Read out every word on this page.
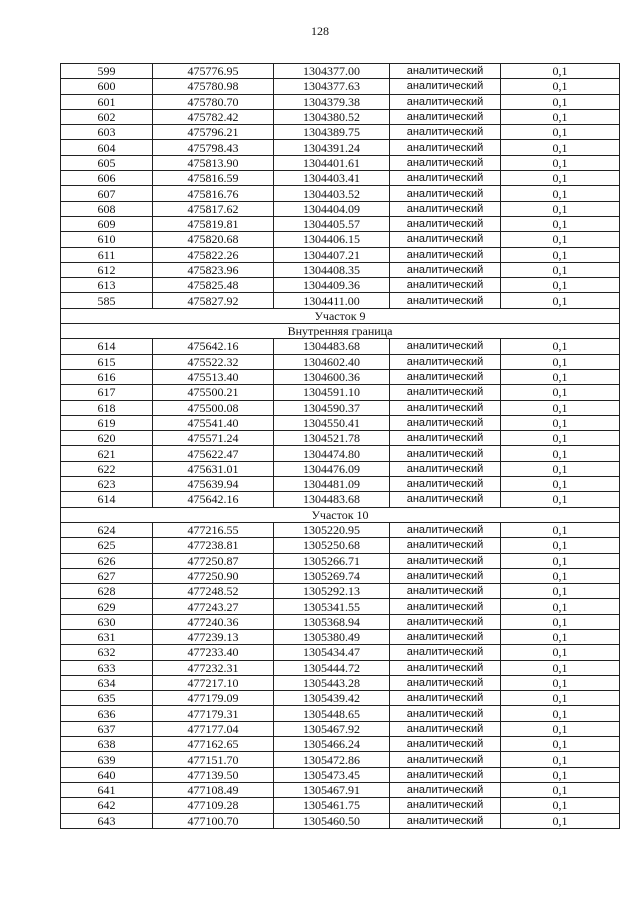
128
599	475776.95	1304377.00	аналитический	0,1
600	475780.98	1304377.63	аналитический	0,1
601	475780.70	1304379.38	аналитический	0,1
602	475782.42	1304380.52	аналитический	0,1
603	475796.21	1304389.75	аналитический	0,1
604	475798.43	1304391.24	аналитический	0,1
605	475813.90	1304401.61	аналитический	0,1
606	475816.59	1304403.41	аналитический	0,1
607	475816.76	1304403.52	аналитический	0,1
608	475817.62	1304404.09	аналитический	0,1
609	475819.81	1304405.57	аналитический	0,1
610	475820.68	1304406.15	аналитический	0,1
611	475822.26	1304407.21	аналитический	0,1
612	475823.96	1304408.35	аналитический	0,1
613	475825.48	1304409.36	аналитический	0,1
585	475827.92	1304411.00	аналитический	0,1
Участок 9				
Внутренняя граница				
614	475642.16	1304483.68	аналитический	0,1
615	475522.32	1304602.40	аналитический	0,1
616	475513.40	1304600.36	аналитический	0,1
617	475500.21	1304591.10	аналитический	0,1
618	475500.08	1304590.37	аналитический	0,1
619	475541.40	1304550.41	аналитический	0,1
620	475571.24	1304521.78	аналитический	0,1
621	475622.47	1304474.80	аналитический	0,1
622	475631.01	1304476.09	аналитический	0,1
623	475639.94	1304481.09	аналитический	0,1
614	475642.16	1304483.68	аналитический	0,1
Участок 10				
624	477216.55	1305220.95	аналитический	0,1
625	477238.81	1305250.68	аналитический	0,1
626	477250.87	1305266.71	аналитический	0,1
627	477250.90	1305269.74	аналитический	0,1
628	477248.52	1305292.13	аналитический	0,1
629	477243.27	1305341.55	аналитический	0,1
630	477240.36	1305368.94	аналитический	0,1
631	477239.13	1305380.49	аналитический	0,1
632	477233.40	1305434.47	аналитический	0,1
633	477232.31	1305444.72	аналитический	0,1
634	477217.10	1305443.28	аналитический	0,1
635	477179.09	1305439.42	аналитический	0,1
636	477179.31	1305448.65	аналитический	0,1
637	477177.04	1305467.92	аналитический	0,1
638	477162.65	1305466.24	аналитический	0,1
639	477151.70	1305472.86	аналитический	0,1
640	477139.50	1305473.45	аналитический	0,1
641	477108.49	1305467.91	аналитический	0,1
642	477109.28	1305461.75	аналитический	0,1
643	477100.70	1305460.50	аналитический	0,1
